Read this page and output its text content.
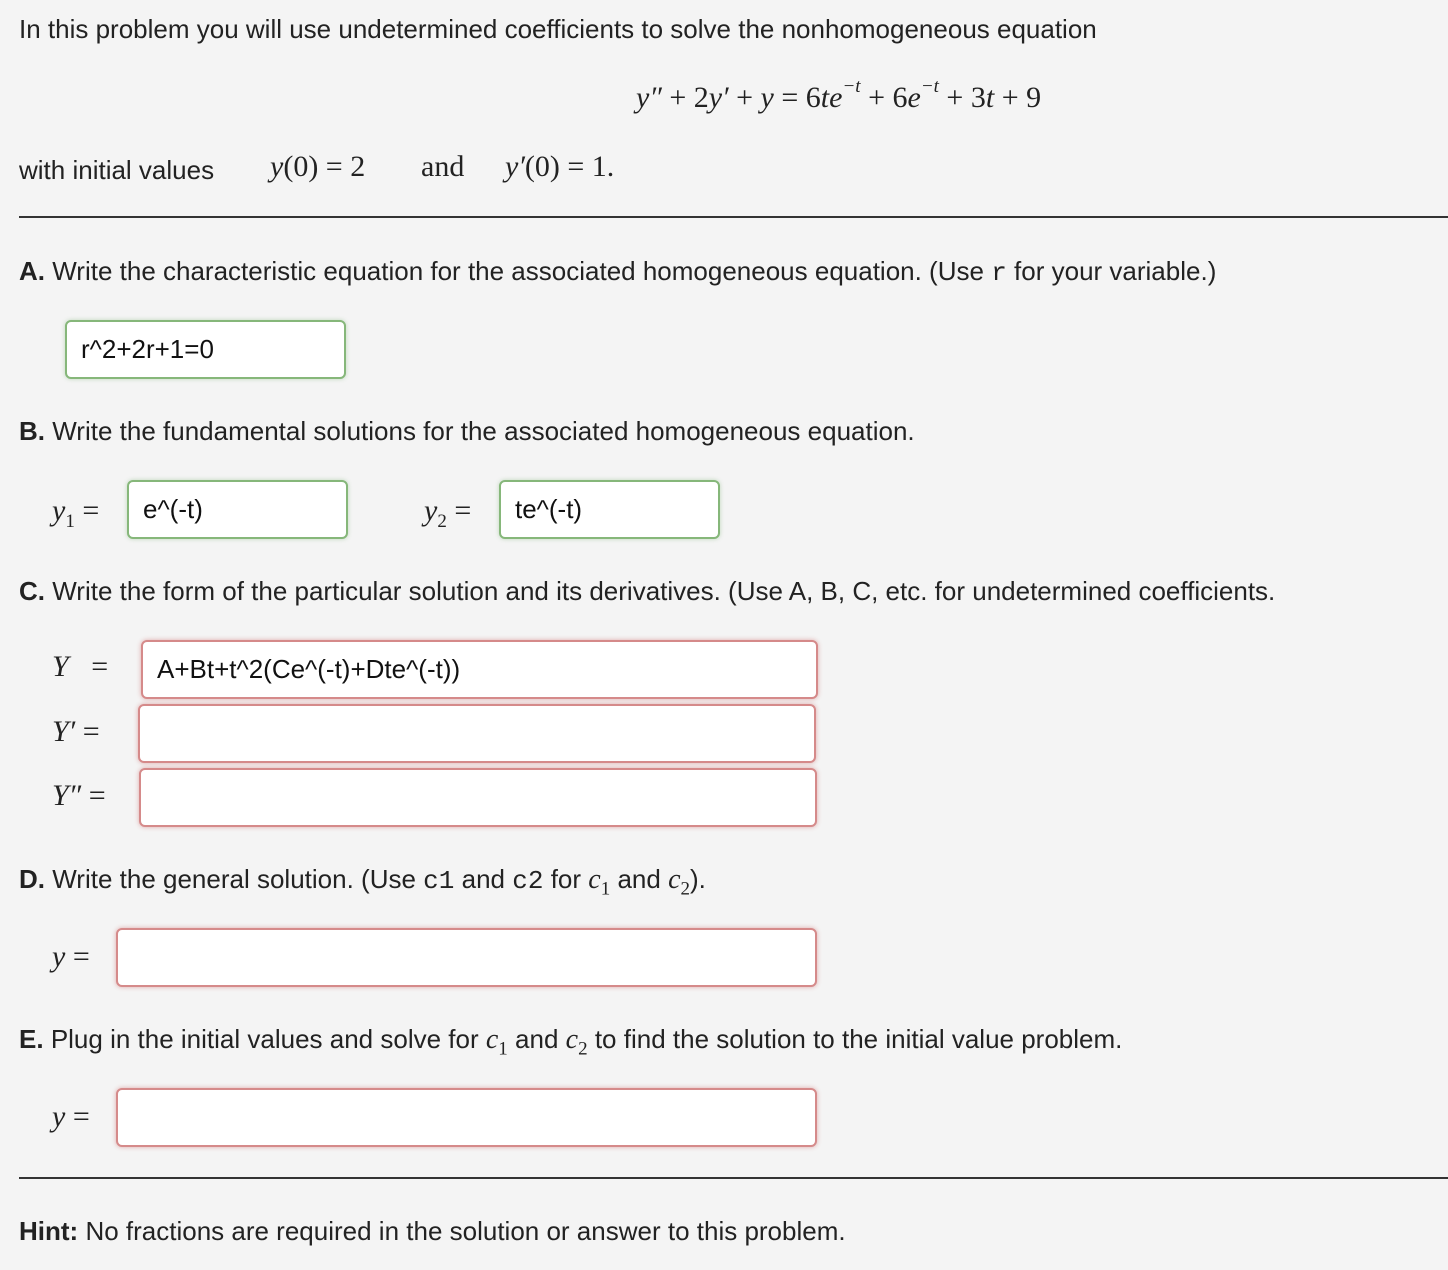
In this problem you will use undetermined coefficients to solve the nonhomogeneous equation
$y'' + 2y' + y = 6te^{-t} + 6e^{-t} + 3t + 9$
with initial values y(0) = 2 and y′(0) = 1.
A. Write the characteristic equation for the associated homogeneous equation. (Use r for your variable.)
r^2+2r+1=0
B. Write the fundamental solutions for the associated homogeneous equation.
$y_1$ =	e^(-t)	$y_2$ =	te^(-t)
C. Write the form of the particular solution and its derivatives. (Use A, B, C, etc. for undetermined coefficients.
Y   =	A+Bt+t^2(Ce^(-t)+Dte^(-t))
Y′ =
Y″ =
D. Write the general solution. (Use c1 and c2 for $c_1$ and $c_2$).
y =
E. Plug in the initial values and solve for $c_1$ and $c_2$ to find the solution to the initial value problem.
y =
Hint: No fractions are required in the solution or answer to this problem.
